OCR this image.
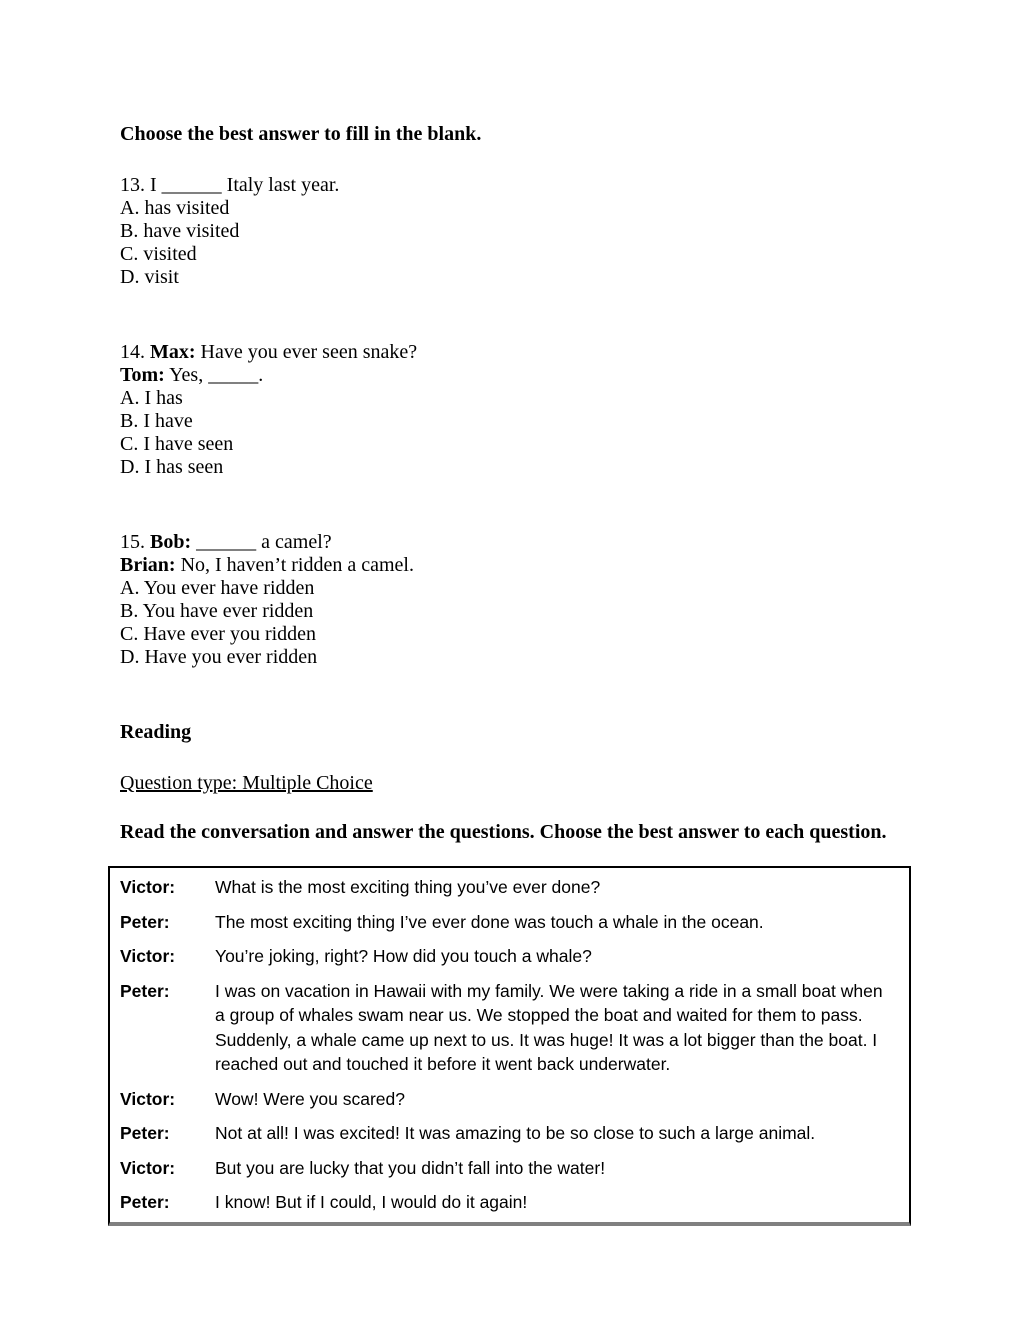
Choose the best answer to fill in the blank.
13. I ______ Italy last year.
A. has visited
B. have visited
C. visited
D. visit
14. Max: Have you ever seen snake?
Tom: Yes, _____.
A. I has
B. I have
C. I have seen
D. I has seen
15. Bob: ______ a camel?
Brian: No, I haven’t ridden a camel.
A. You ever have ridden
B. You have ever ridden
C. Have ever you ridden
D. Have you ever ridden
Reading
Question type: Multiple Choice
Read the conversation and answer the questions. Choose the best answer to each question.
Victor:	What is the most exciting thing you’ve ever done?
Peter:	The most exciting thing I’ve ever done was touch a whale in the ocean.
Victor:	You’re joking, right? How did you touch a whale?
Peter:	I was on vacation in Hawaii with my family. We were taking a ride in a small boat when a group of whales swam near us. We stopped the boat and waited for them to pass. Suddenly, a whale came up next to us. It was huge! It was a lot bigger than the boat. I reached out and touched it before it went back underwater.
Victor:	Wow! Were you scared?
Peter:	Not at all! I was excited! It was amazing to be so close to such a large animal.
Victor:	But you are lucky that you didn’t fall into the water!
Peter:	I know! But if I could, I would do it again!
